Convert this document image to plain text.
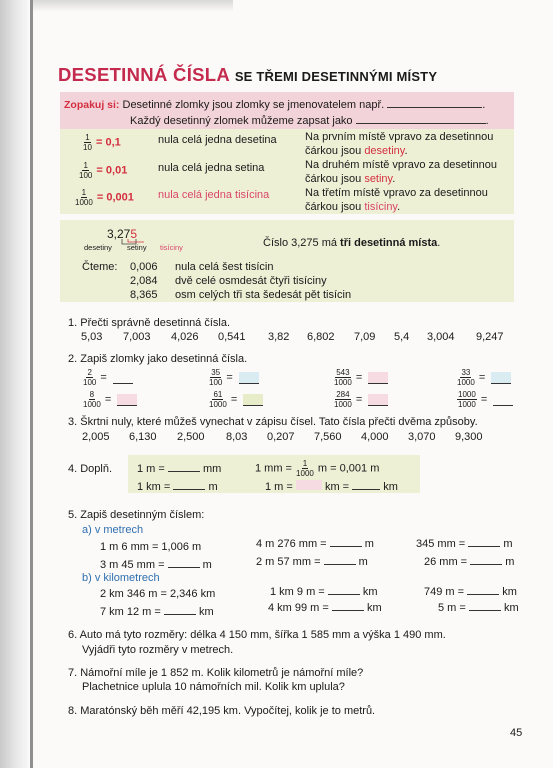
DESETINNÁ ČÍSLA SE TŘEMI DESETINNÝMI MÍSTY
Zopakuj si: Desetinné zlomky jsou zlomky se jmenovatelem např.	.
Každý desetinný zlomek můžeme zapsat jako	.
$\frac{1}{10} = 0,1$	nula celá jedna desetina	Na prvním místě vpravo za desetinnou
čárkou jsou desetiny.
$\frac{1}{100} = 0,01$	nula celá jedna setina	Na druhém místě vpravo za desetinnou
čárkou jsou setiny.
$\frac{1}{1000} = 0,001$ nula celá jedna tisícina	Na třetím místě vpravo za desetinnou
čárkou jsou tisíciny.
3,275
desetiny setiny tisíciny	Číslo 3,275 má tři desetinná místa.
Čteme: 0,006 nula celá šest tisícin
2,084 dvě celé osmdesát čtyři tisíciny
8,365 osm celých tři sta šedesát pět tisícin
1. Přečti správně desetinná čísla.
5,03 7,003 4,026 0,541 3,82 6,802 7,09 5,4 3,004 9,247
2. Zapiš zlomky jako desetinná čísla.
$\frac{2}{100}$ =	$\frac{35}{100}$ =	$\frac{543}{1000}$ =	$\frac{33}{1000}$ =
$\frac{8}{1000}$ =	$\frac{61}{1000}$ =	$\frac{284}{1000}$ =	$\frac{1000}{1000}$ =
3. Škrtni nuly, které můžeš vynechat v zápisu čísel. Tato čísla přečti dvěma způsoby.
2,005 6,130 2,500 8,03 0,207 7,560 4,000 3,070 9,300
4. Doplň. 1 m =	mm	1 mm = $\frac{1}{1000}$ m = 0,001 m
1 km =	m	1 m =	km =	km
5. Zapiš desetinným číslem:
a) v metrech
1 m 6 mm = 1,006 m	4 m 276 mm =	m	345 mm =	m
3 m 45 mm =	m	2 m 57 mm =	m	26 mm =	m
b) v kilometrech
2 km 346 m = 2,346 km	1 km 9 m =	km	749 m =	km
7 km 12 m =	km	4 km 99 m =	km	5 m =	km
6. Auto má tyto rozměry: délka 4 150 mm, šířka 1 585 mm a výška 1 490 mm.
Vyjádři tyto rozměry v metrech.
7. Námořní míle je 1 852 m. Kolik kilometrů je námořní míle?
Plachetnice uplula 10 námořních mil. Kolik km uplula?
8. Maratónský běh měří 42,195 km. Vypočítej, kolik je to metrů.
45
